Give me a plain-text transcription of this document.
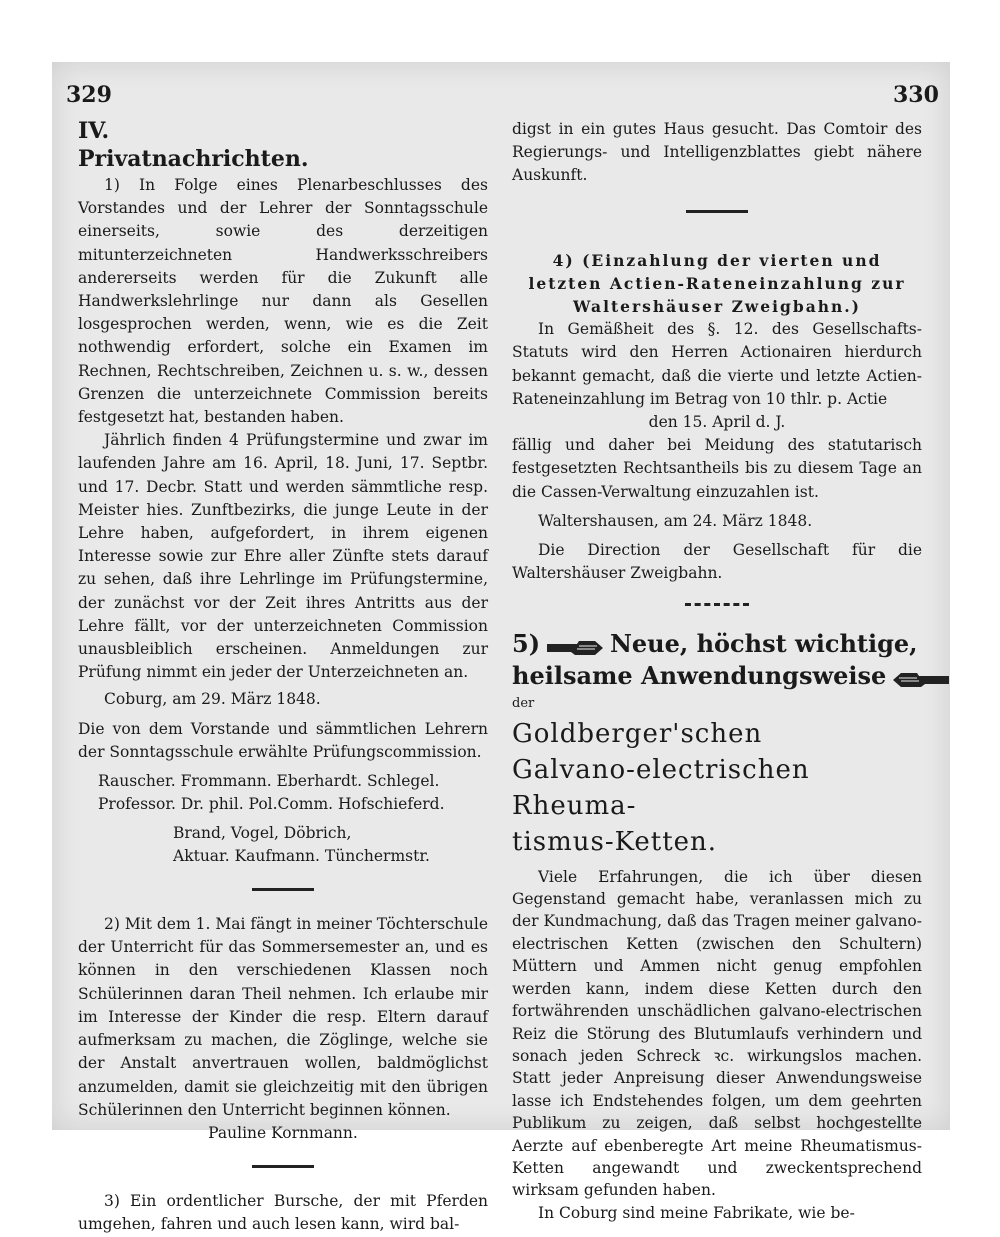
329	330

IV.

Privatnachrichten.

1) In Folge eines Plenarbeschlusses des Vorstandes und der Lehrer der Sonntagsschule einerseits, sowie des derzeitigen mitunterzeichneten Handwerksschreibers andererseits werden für die Zukunft alle Handwerkslehrlinge nur dann als Gesellen losgesprochen werden, wenn, wie es die Zeit nothwendig erfordert, solche ein Examen im Rechnen, Rechtschreiben, Zeichnen u. s. w., dessen Grenzen die unterzeichnete Commission bereits festgesetzt hat, bestanden haben.

Jährlich finden 4 Prüfungstermine und zwar im laufenden Jahre am 16. April, 18. Juni, 17. Septbr. und 17. Decbr. Statt und werden sämmtliche resp. Meister hies. Zunftbezirks, die junge Leute in der Lehre haben, aufgefordert, in ihrem eigenen Interesse sowie zur Ehre aller Zünfte stets darauf zu sehen, daß ihre Lehrlinge im Prüfungstermine, der zunächst vor der Zeit ihres Antritts aus der Lehre fällt, vor der unterzeichneten Commission unausbleiblich erscheinen. Anmeldungen zur Prüfung nimmt ein jeder der Unterzeichneten an.

Coburg, am 29. März 1848.

Die von dem Vorstande und sämmtlichen Lehrern der Sonntagsschule erwählte Prüfungscommission.

Rauscher. Frommann. Eberhardt. Schlegel.

Professor. Dr. phil. Pol.Comm. Hofschieferd.

Brand, Vogel, Döbrich,

Aktuar. Kaufmann. Tünchermstr.

2) Mit dem 1. Mai fängt in meiner Töchterschule der Unterricht für das Sommersemester an, und es können in den verschiedenen Klassen noch Schülerinnen daran Theil nehmen. Ich erlaube mir im Interesse der Kinder die resp. Eltern darauf aufmerksam zu machen, die Zöglinge, welche sie der Anstalt anvertrauen wollen, baldmöglichst anzumelden, damit sie gleichzeitig mit den übrigen Schülerinnen den Unterricht beginnen können.

Pauline Kornmann.

3) Ein ordentlicher Bursche, der mit Pferden umgehen, fahren und auch lesen kann, wird bal-

digst in ein gutes Haus gesucht. Das Comtoir des Regierungs- und Intelligenzblattes giebt nähere Auskunft.

4) (Einzahlung der vierten und letzten Actien-Rateneinzahlung zur Waltershäuser Zweigbahn.)

In Gemäßheit des §. 12. des Gesellschafts-Statuts wird den Herren Actionairen hierdurch bekannt gemacht, daß die vierte und letzte Actien-Rateneinzahlung im Betrag von 10 thlr. p. Actie

den 15. April d. J.

fällig und daher bei Meidung des statutarisch festgesetzten Rechtsantheils bis zu diesem Tage an die Cassen-Verwaltung einzuzahlen ist.

Waltershausen, am 24. März 1848.

Die Direction der Gesellschaft für die Waltershäuser Zweigbahn.

5)	Neue, höchst wichtige,
heilsame Anwendungsweise

der

Goldberger'schen

Galvano-electrischen Rheuma-

tismus-Ketten.

Viele Erfahrungen, die ich über diesen Gegenstand gemacht habe, veranlassen mich zu der Kundmachung, daß das Tragen meiner galvano-electrischen Ketten (zwischen den Schultern) Müttern und Ammen nicht genug empfohlen werden kann, indem diese Ketten durch den fortwährenden unschädlichen galvano-electrischen Reiz die Störung des Blutumlaufs verhindern und sonach jeden Schreck ꝛc. wirkungslos machen. Statt jeder Anpreisung dieser Anwendungsweise lasse ich Endstehendes folgen, um dem geehrten Publikum zu zeigen, daß selbst hochgestellte Aerzte auf ebenberegte Art meine Rheumatismus-Ketten angewandt und zweckentsprechend wirksam gefunden haben.

In Coburg sind meine Fabrikate, wie be-
